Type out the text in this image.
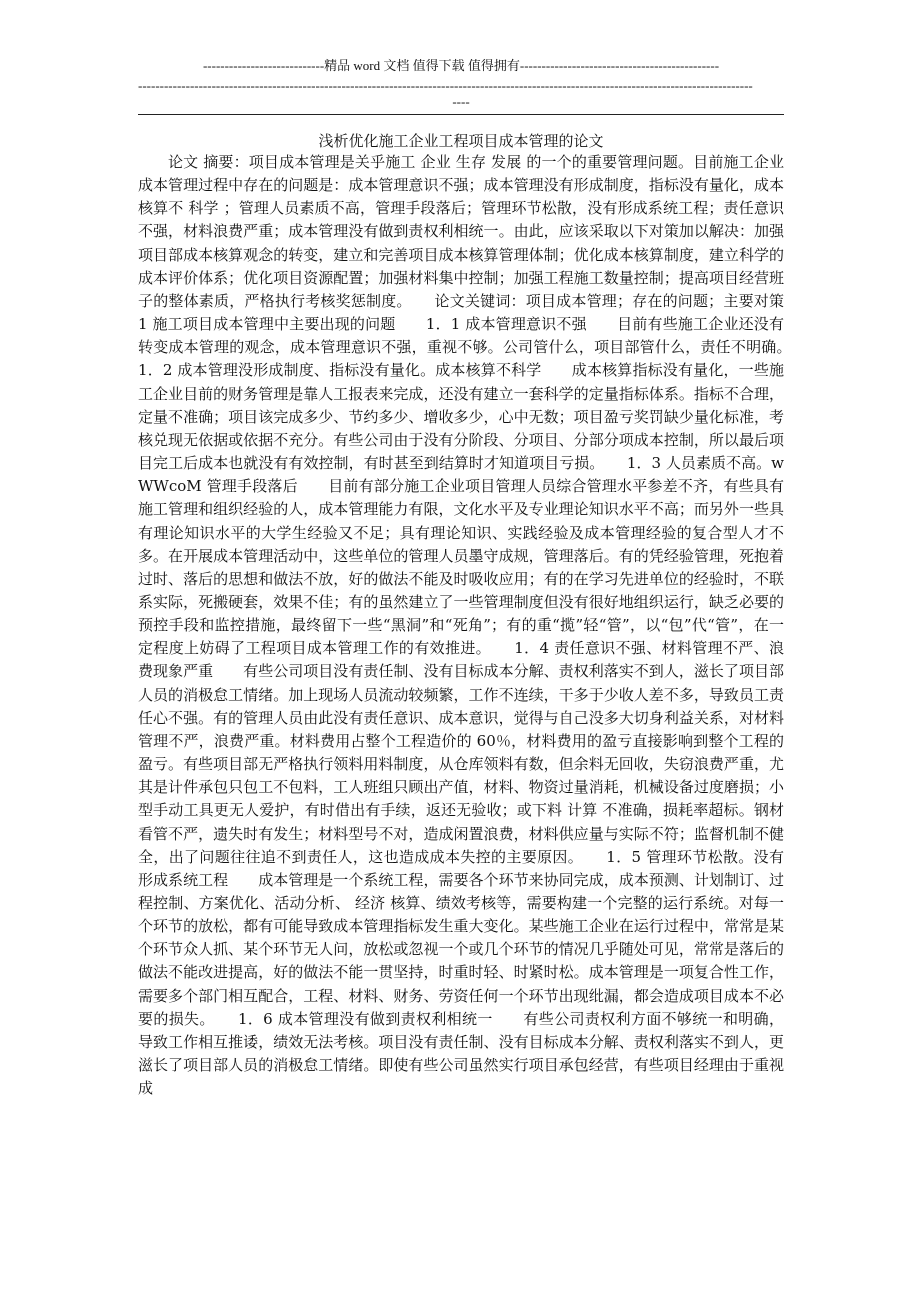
----------------------------精品 word 文档 值得下载 值得拥有----------------------------------------------
----------------------------------------------------------------------------------------------------------------------------------------------
----
浅析优化施工企业工程项目成本管理的论文

论文 摘要：项目成本管理是关乎施工 企业 生存 发展 的一个的重要管理问题。目前施工企业成本管理过程中存在的问题是：成本管理意识不强；成本管理没有形成制度，指标没有量化，成本核算不 科学 ；管理人员素质不高，管理手段落后；管理环节松散，没有形成系统工程；责任意识不强，材料浪费严重；成本管理没有做到责权利相统一。由此，应该采取以下对策加以解决：加强项目部成本核算观念的转变，建立和完善项目成本核算管理体制；优化成本核算制度，建立科学的成本评价体系；优化项目资源配置；加强材料集中控制；加强工程施工数量控制；提高项目经营班子的整体素质，严格执行考核奖惩制度。　　论文关键词：项目成本管理；存在的问题；主要对策　　1 施工项目成本管理中主要出现的问题　　1．1 成本管理意识不强　　目前有些施工企业还没有转变成本管理的观念，成本管理意识不强，重视不够。公司管什么，项目部管什么，责任不明确。　　1．2 成本管理没形成制度、指标没有量化。成本核算不科学　　成本核算指标没有量化，一些施工企业目前的财务管理是靠人工报表来完成，还没有建立一套科学的定量指标体系。指标不合理，定量不准确；项目该完成多少、节约多少、增收多少，心中无数；项目盈亏奖罚缺少量化标准，考核兑现无依据或依据不充分。有些公司由于没有分阶段、分项目、分部分项成本控制，所以最后项目完工后成本也就没有有效控制，有时甚至到结算时才知道项目亏损。　　1．3 人员素质不高。wWWcoM 管理手段落后　　目前有部分施工企业项目管理人员综合管理水平参差不齐，有些具有施工管理和组织经验的人，成本管理能力有限，文化水平及专业理论知识水平不高；而另外一些具有理论知识水平的大学生经验又不足；具有理论知识、实践经验及成本管理经验的复合型人才不多。在开展成本管理活动中，这些单位的管理人员墨守成规，管理落后。有的凭经验管理，死抱着过时、落后的思想和做法不放，好的做法不能及时吸收应用；有的在学习先进单位的经验时，不联系实际，死搬硬套，效果不佳；有的虽然建立了一些管理制度但没有很好地组织运行，缺乏必要的预控手段和监控措施，最终留下一些“黑洞”和“死角”；有的重“揽”轻“管”，以“包”代“管”，在一定程度上妨碍了工程项目成本管理工作的有效推进。　　1．4 责任意识不强、材料管理不严、浪费现象严重　　有些公司项目没有责任制、没有目标成本分解、责权利落实不到人，滋长了项目部人员的消极怠工情绪。加上现场人员流动较频繁，工作不连续，干多于少收人差不多，导致员工责任心不强。有的管理人员由此没有责任意识、成本意识，觉得与自己没多大切身利益关系，对材料管理不严，浪费严重。材料费用占整个工程造价的 60％，材料费用的盈亏直接影响到整个工程的盈亏。有些项目部无严格执行领料用料制度，从仓库领料有数，但余料无回收，失窃浪费严重，尤其是计件承包只包工不包料，工人班组只顾出产值，材料、物资过量消耗，机械设备过度磨损；小型手动工具更无人爱护，有时借出有手续，返还无验收；或下料 计算 不准确，损耗率超标。钢材看管不严，遗失时有发生；材料型号不对，造成闲置浪费，材料供应量与实际不符；监督机制不健全，出了问题往往追不到责任人，这也造成成本失控的主要原因。　　1．5 管理环节松散。没有形成系统工程　　成本管理是一个系统工程，需要各个环节来协同完成，成本预测、计划制订、过程控制、方案优化、活动分析、 经济 核算、绩效考核等，需要构建一个完整的运行系统。对每一个环节的放松，都有可能导致成本管理指标发生重大变化。某些施工企业在运行过程中，常常是某个环节众人抓、某个环节无人问，放松或忽视一个或几个环节的情况几乎随处可见，常常是落后的做法不能改进提高，好的做法不能一贯坚持，时重时轻、时紧时松。成本管理是一项复合性工作，需要多个部门相互配合，工程、材料、财务、劳资任何一个环节出现纰漏，都会造成项目成本不必要的损失。　　1．6 成本管理没有做到责权利相统一　　有些公司责权利方面不够统一和明确，导致工作相互推诿，绩效无法考核。项目没有责任制、没有目标成本分解、责权利落实不到人，更滋长了项目部人员的消极怠工情绪。即使有些公司虽然实行项目承包经营，有些项目经理由于重视成
